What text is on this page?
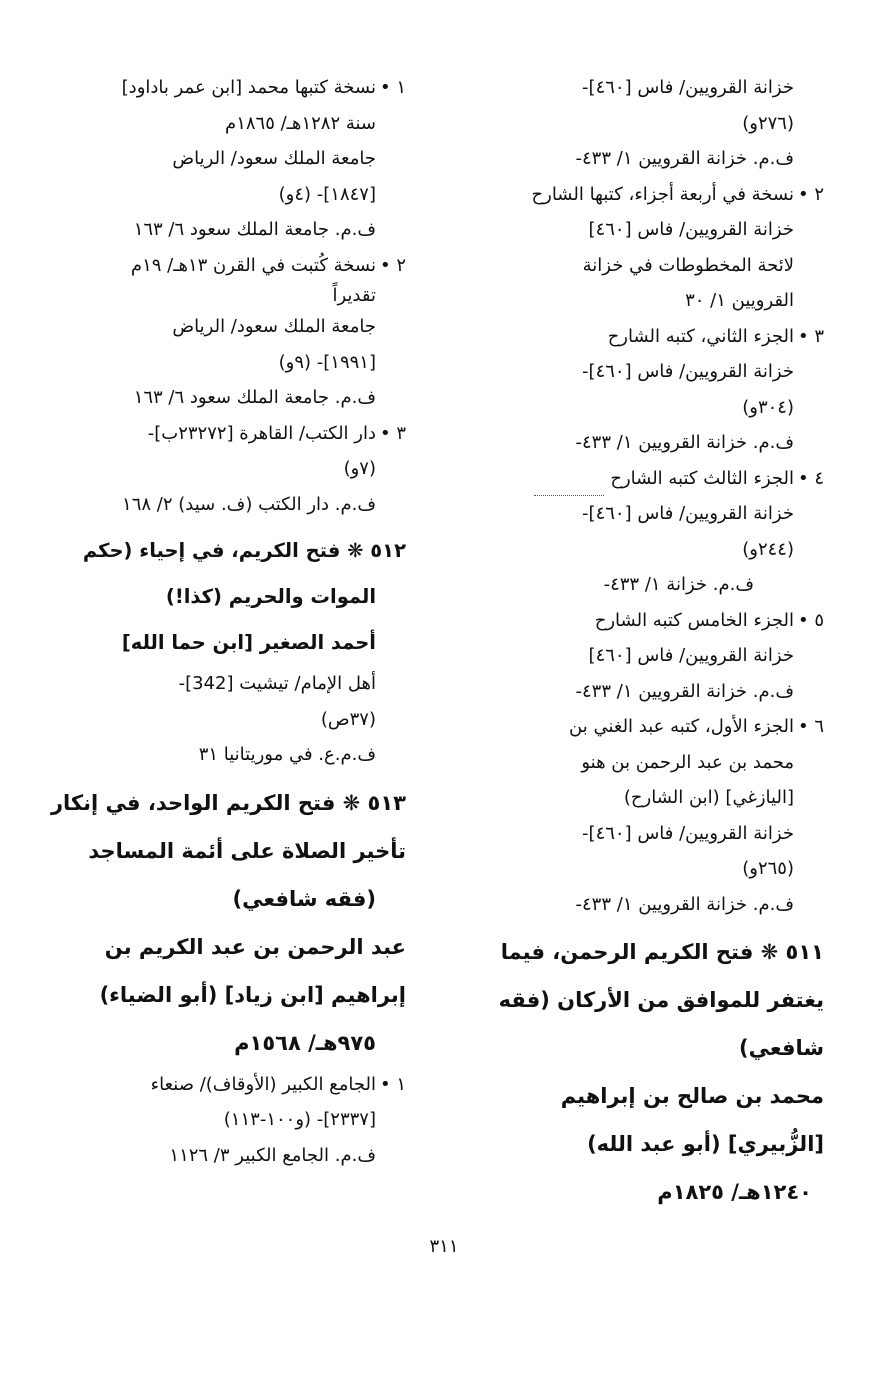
خزانة القرويين/ فاس [٤٦٠]-
(٢٧٦و)
ف.م. خزانة القرويين ١/ ٤٣٣-
٢ •
نسخة في أربعة أجزاء، كتبها الشارح
خزانة القرويين/ فاس [٤٦٠]
لائحة المخطوطات في خزانة
القرويين ١/ ٣٠
٣ •
الجزء الثاني، كتبه الشارح
خزانة القرويين/ فاس [٤٦٠]-
(٣٠٤و)
ف.م. خزانة القرويين ١/ ٤٣٣-
٤ •
الجزء الثالث كتبه الشارح
خزانة القرويين/ فاس [٤٦٠]-
(٢٤٤و)
ف.م. خزانة ١/ ٤٣٣-
٥ •
الجزء الخامس كتبه الشارح
خزانة القرويين/ فاس [٤٦٠]
ف.م. خزانة القرويين ١/ ٤٣٣-
٦ •
الجزء الأول، كتبه عبد الغني بن
محمد بن عبد الرحمن بن هنو
[اليازغي] (ابن الشارح)
خزانة القرويين/ فاس [٤٦٠]-
(٢٦٥و)
ف.م. خزانة القرويين ١/ ٤٣٣-
٥١١ ❋ فتح الكريم الرحمن، فيما
يغتفر للموافق من الأركان (فقه
شافعي)
محمد بن صالح بن إبراهيم
[الزُّبيري] (أبو عبد الله)
١٢٤٠هـ/ ١٨٢٥م
١ •
نسخة كتبها محمد [ابن عمر باداود]
سنة ١٢٨٢هـ/ ١٨٦٥م
جامعة الملك سعود/ الرياض
[١٨٤٧]- (٤و)
ف.م. جامعة الملك سعود ٦/ ١٦٣
٢ •
نسخة كُتبت في القرن ١٣هـ/ ١٩م
تقديراً
جامعة الملك سعود/ الرياض
[١٩٩١]- (٩و)
ف.م. جامعة الملك سعود ٦/ ١٦٣
٣ •
دار الكتب/ القاهرة [٢٣٢٧٢ب]-
(٧و)
ف.م. دار الكتب (ف. سيد) ٢/ ١٦٨
٥١٢ ❋ فتح الكريم، في إحياء (حكم
الموات والحريم (كذا!)
أحمد الصغير [ابن حما الله]
أهل الإمام/ تيشيت [342]-
(٣٧ص)
ف.م.ع. في موريتانيا ٣١
٥١٣ ❋ فتح الكريم الواحد، في إنكار
تأخير الصلاة على أئمة المساجد
(فقه شافعي)
عبد الرحمن بن عبد الكريم بن
إبراهيم [ابن زياد] (أبو الضياء)
٩٧٥هـ/ ١٥٦٨م
١ •
الجامع الكبير (الأوقاف)/ صنعاء
[٢٣٣٧]- (و١٠٠-١١٣)
ف.م. الجامع الكبير ٣/ ١١٢٦
٣١١
